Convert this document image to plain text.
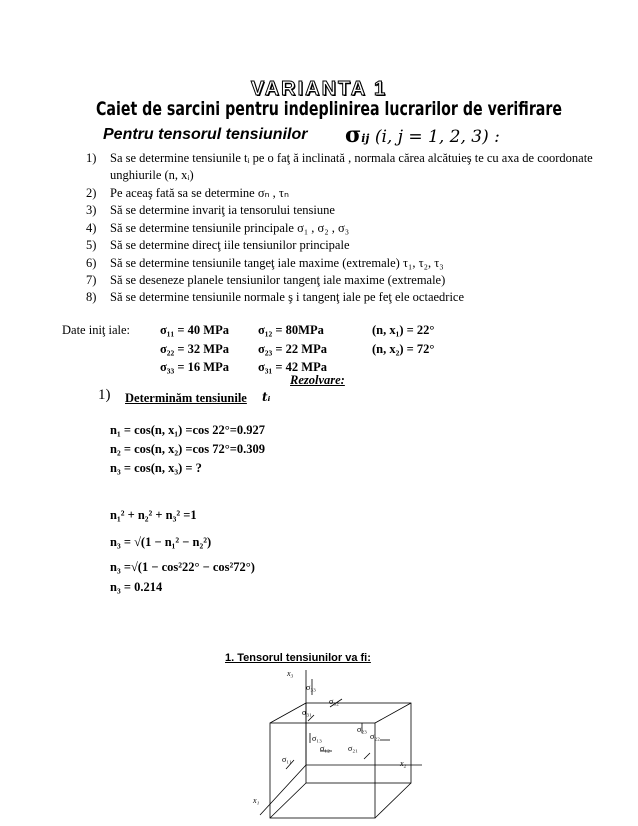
VARIANTA 1
Caiet de sarcini pentru indeplinirea lucrarilor de verifirare
Pentru tensorul tensiunilor σij (i, j = 1, 2, 3) :
1) Sa se determine tensiunile tᵢ pe o faţ ă inclinată , normala cărea alcătuieş te cu axa de coordonate unghiurile (n, xᵢ)
2) Pe aceaş fată sa se determine σₙ , τₙ
3) Să se determine invariţ ia tensorului tensiune
4) Să se determine tensiunile principale σ₁ , σ₂ , σ₃
5) Să se determine direcţ iile tensiunilor principale
6) Să se determine tensiunile tangeţ iale maxime (extremale) τ₁, τ₂, τ₃
7) Să se deseneze planele tensiunilor tangenţ iale maxime (extremale)
8) Să se determine tensiunile normale ş i tangenţ iale pe feţ ele octaedrice
Date iniţ iale: σ₁₁ = 40 MPa σ₁₂ = 80MPa	(n, x₁) = 22°
σ₂₂ = 32 MPa σ₂₃ = 22 MPa	(n, x₂) = 72°
σ₃₃ = 16 MPa σ₃₁ = 42 MPa
Rezolvare:
1) Determinăm tensiunile tᵢ
n₁ = cos(n, x₁) =cos 22°=0.927
n₂ = cos(n, x₂) =cos 72°=0.309
n₃ = cos(n, x₃) = ?
n₁² + n₂² + n₃² =1
n₃ = √(1 − n₁² − n₂²)
n₃ =√(1 − cos²22° − cos²72°)
n₃ = 0.214
1. Tensorul tensiunilor va fi:
x₃
x₂
x₁
σ₃₃
σ₃₂
σ₃₁
σ₂₃
σ₂₂
σ₂₁
σ₁₃
σ₁₂
σ₁₁
